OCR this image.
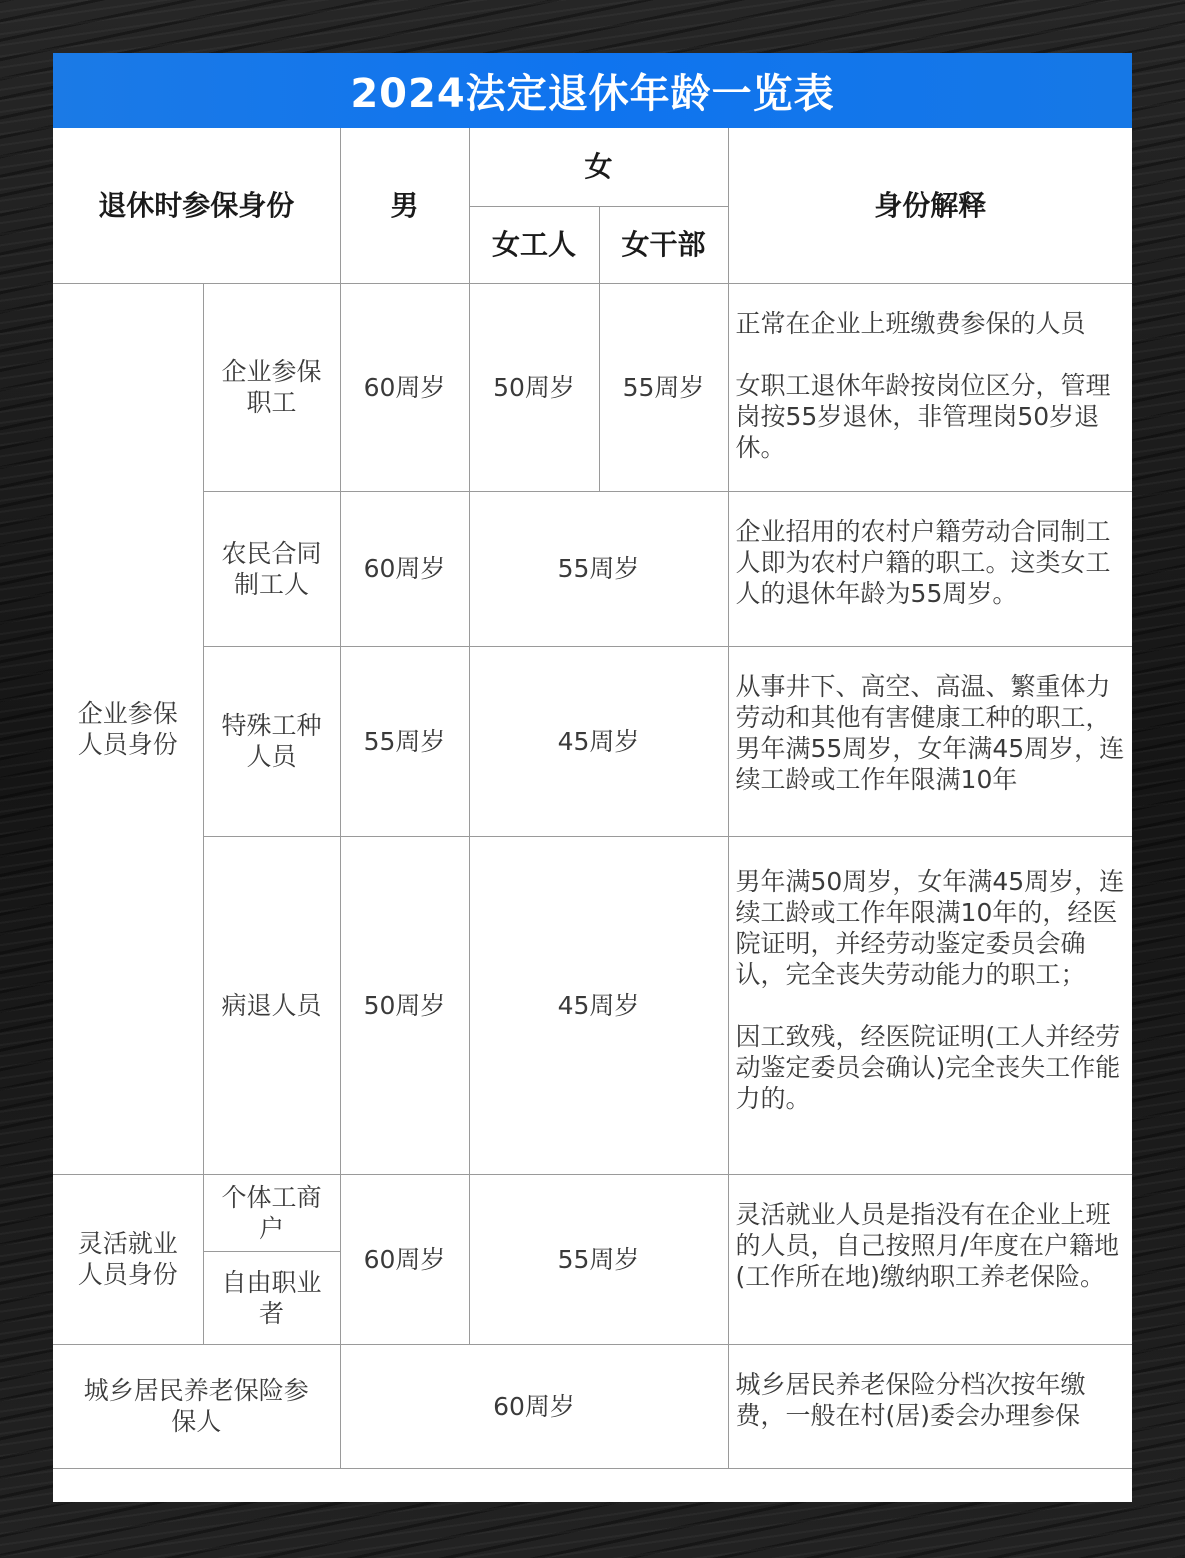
2024法定退休年龄一览表
退休时参保身份		男	女		身份解释
			女工人	女干部	

企业参保人员身份	企业参保职工	60周岁	50周岁	55周岁	正常在企业上班缴费参保的人员
女职工退休年龄按岗位区分，管理岗按55岁退休，非管理岗50岁退休。

	农民合同制工人	60周岁	55周岁		企业招用的农村户籍劳动合同制工人即为农村户籍的职工。这类女工人的退休年龄为55周岁。

	特殊工种人员	55周岁	45周岁		从事井下、高空、高温、繁重体力劳动和其他有害健康工种的职工，男年满55周岁，女年满45周岁，连续工龄或工作年限满10年
	病退人员	50周岁	45周岁		男年满50周岁，女年满45周岁，连续工龄或工作年限满10年的，经医院证明，并经劳动鉴定委员会确认，完全丧失劳动能力的职工；
因工致残，经医院证明(工人并经劳动鉴定委员会确认)完全丧失工作能力的。

灵活就业人员身份	个体工商户	60周岁	55周岁		灵活就业人员是指没有在企业上班的人员，自己按照月/年度在户籍地(工作所在地)缴纳职工养老保险。

	自由职业者				

城乡居民养老保险参保人		60周岁			城乡居民养老保险分档次按年缴费，一般在村(居)委会办理参保
